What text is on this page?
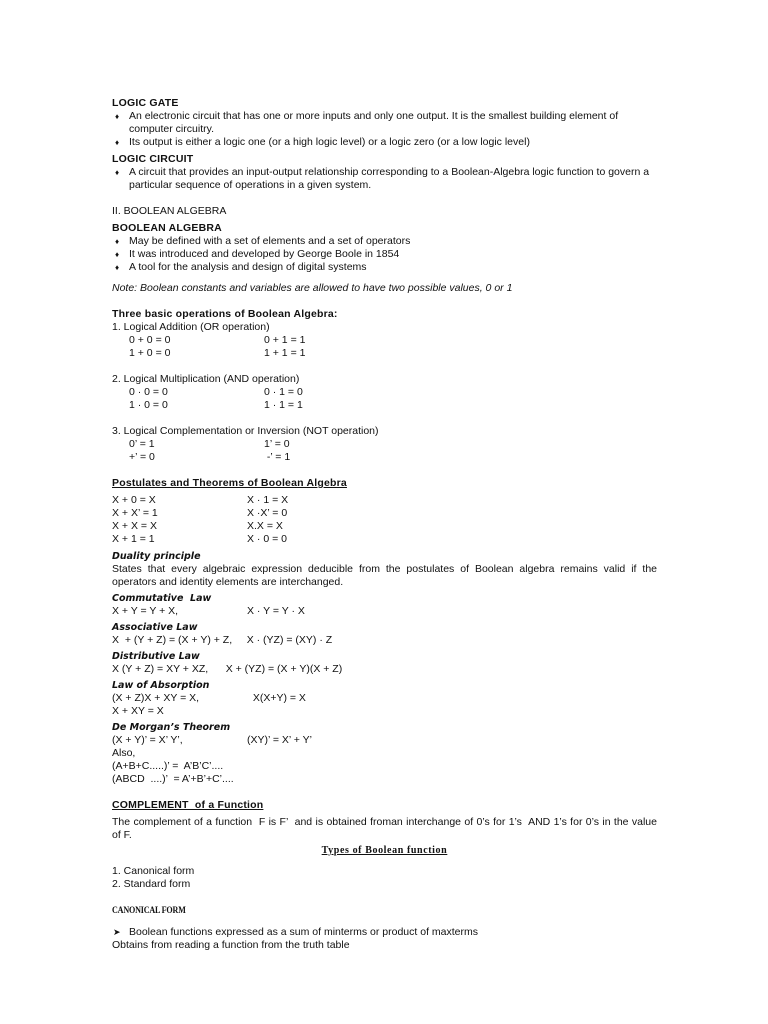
LOGIC GATE
♦ An electronic circuit that has one or more inputs and only one output. It is the smallest building element of computer circuitry.
♦ Its output is either a logic one (or a high logic level) or a logic zero (or a low logic level)
LOGIC CIRCUIT
♦ A circuit that provides an input-output relationship corresponding to a Boolean-Algebra logic function to govern a particular sequence of operations in a given system.
II. BOOLEAN ALGEBRA
BOOLEAN ALGEBRA
♦ May be defined with a set of elements and a set of operators
♦ It was introduced and developed by George Boole in 1854
♦ A tool for the analysis and design of digital systems
Note: Boolean constants and variables are allowed to have two possible values, 0 or 1
Three basic operations of Boolean Algebra:
1. Logical Addition (OR operation)
0 + 0 = 0	0 + 1 = 1
1 + 0 = 0	1 + 1 = 1
2. Logical Multiplication (AND operation)
0 · 0 = 0	0 · 1 = 0
1 · 0 = 0	1 · 1 = 1
3. Logical Complementation or Inversion (NOT operation)
0’ = 1	1’ = 0
+’ = 0	-’ = 1
Postulates and Theorems of Boolean Algebra
X + 0 = X	X · 1 = X
X + X’ = 1	X ·X’ = 0
X + X = X	X.X = X
X + 1 = 1	X · 0 = 0
Duality principle
States that every algebraic expression deducible from the postulates of Boolean algebra remains valid if the operators and identity elements are interchanged.
Commutative  Law
X + Y = Y + X,	X · Y = Y · X
Associative Law
X  + (Y + Z) = (X + Y) + Z,     X · (YZ) = (XY) · Z
Distributive Law
X (Y + Z) = XY + XZ,      X + (YZ) = (X + Y)(X + Z)
Law of Absorption
(X + Z)X + XY = X,	X(X+Y) = X
X + XY = X
De Morgan’s Theorem
(X + Y)’ = X’ Y’,	(XY)’ = X’ + Y’
Also,
(A+B+C.....)’ =  A’B’C’....
(ABCD  ....)’  = A’+B’+C’....
COMPLEMENT  of a Function
The complement of a function  F is F’  and is obtained froman interchange of 0’s for 1’s  AND 1’s for 0’s in the value of F.
Types of Boolean function
1. Canonical form
2. Standard form
CANONICAL FORM
➤ Boolean functions expressed as a sum of minterms or product of maxterms
Obtains from reading a function from the truth table
